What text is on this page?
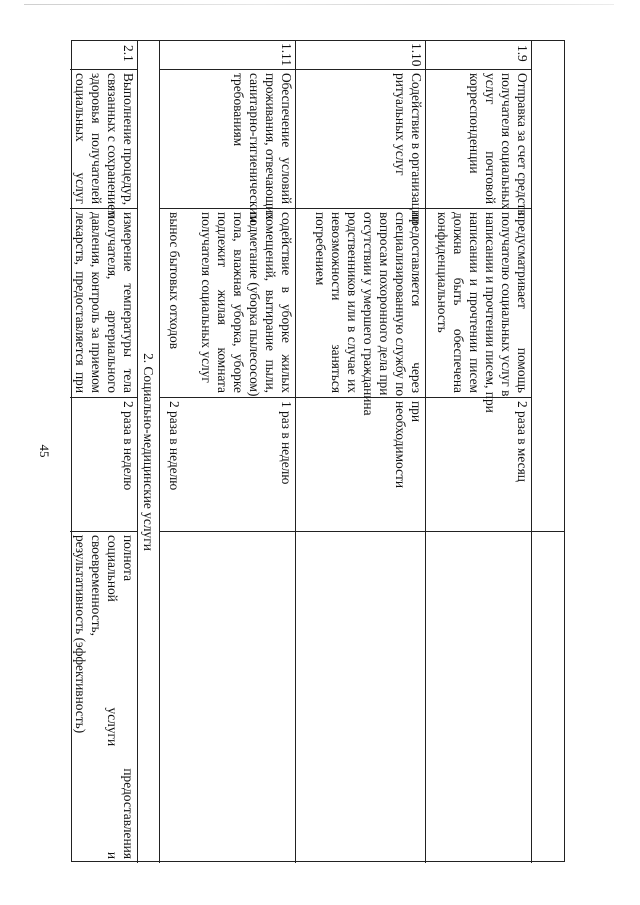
45
1.9
Отправка за счет средств
получателя социальных
услуг почтовой
корреспонденции
предусматривает помощь
получателю социальных услуг в
написании и прочтении писем, при
написании и прочтении писем
должна быть обеспечена
конфиденциальность
2 раза в месяц
1.10
Содействие в организации
ритуальных услуг
предоставляется через
специализированную службу по
вопросам похоронного дела при
отсутствии у умершего гражданина
родственников или в случае их
невозможности заняться
погребением
при
необходимости
1.11
Обеспечение условий
проживания, отвечающих
санитарно-гигиеническим
требованиям
содействие в уборке жилых
помещений, вытирание пыли,
подметание (уборка пылесосом)
пола, влажная уборка, уборке
подлежит жилая комната
получателя социальных услуг
вынос бытовых отходов
1 раз в неделю
2 раза в неделю
2. Социально-медицинские услуги
2.1
Выполнение процедур,
связанных с сохранением
здоровья получателей
социальных услуг
измерение температуры тела
получателя, артериального
давления, контроль за приемом
лекарств, предоставляется при
2 раза в неделю
полнота предоставления
социальной услуги и
своевременность,
результативность (эффективность)
